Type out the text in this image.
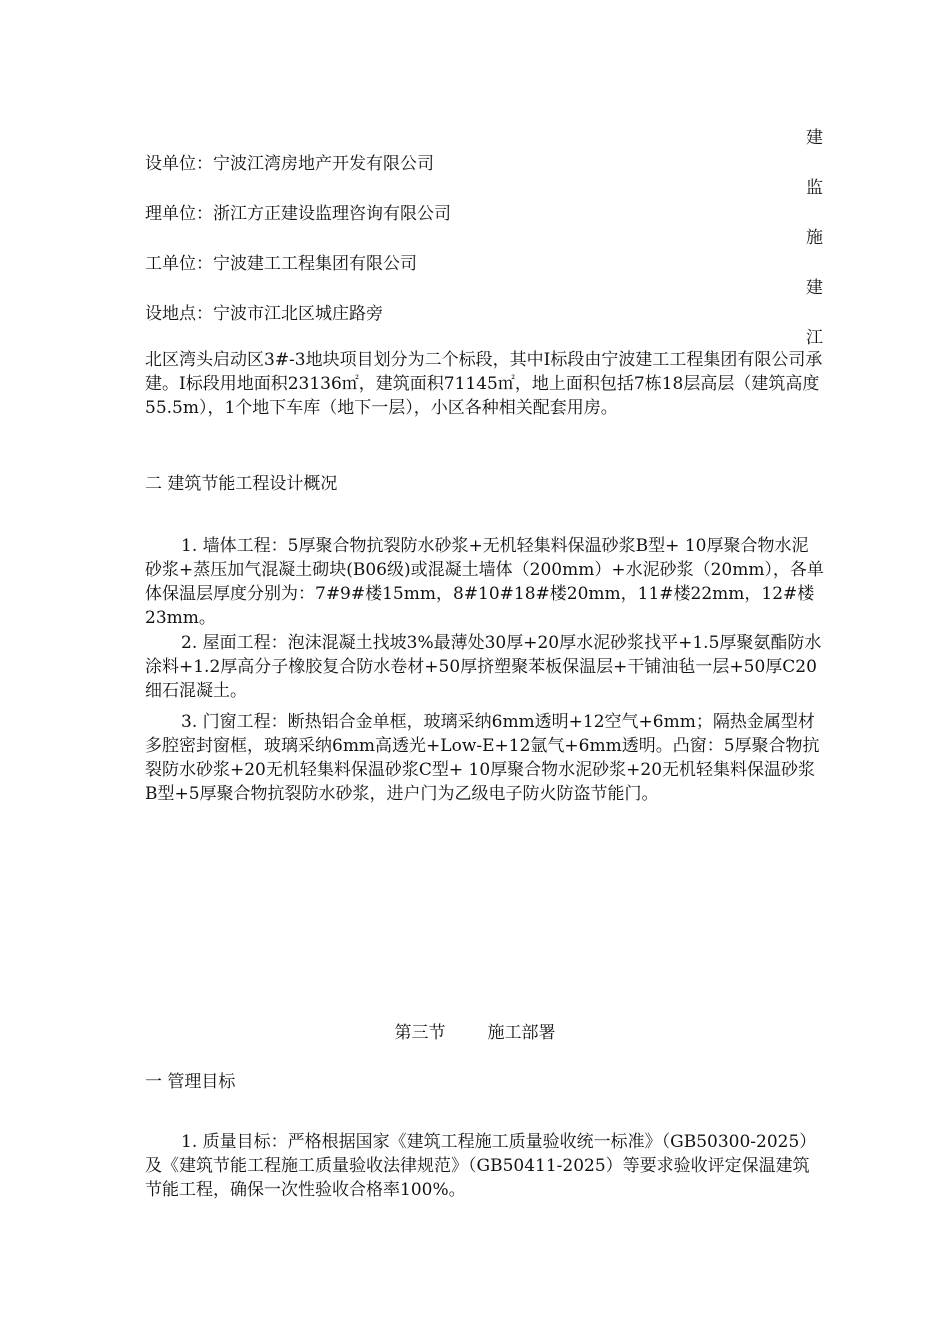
建
监
施
建
江
设单位：宁波江湾房地产开发有限公司
理单位：浙江方正建设监理咨询有限公司
工单位：宁波建工工程集团有限公司
设地点：宁波市江北区城庄路旁

北区湾头启动区3#-3地块项目划分为二个标段，其中Ⅰ标段由宁波建工工程集团有限公司承建。Ⅰ标段用地面积23136㎡，建筑面积71145㎡，地上面积包括7栋18层高层（建筑高度55.5m），1个地下车库（地下一层），小区各种相关配套用房。

二 建筑节能工程设计概况

1. 墙体工程：5厚聚合物抗裂防水砂浆+无机轻集料保温砂浆B型+ 10厚聚合物水泥砂浆+蒸压加气混凝土砌块(B06级)或混凝土墙体（200mm）+水泥砂浆（20mm），各单体保温层厚度分别为：7#9#楼15mm，8#10#18#楼20mm，11#楼22mm，12#楼23mm。

2. 屋面工程：泡沫混凝土找坡3%最薄处30厚+20厚水泥砂浆找平+1.5厚聚氨酯防水涂料+1.2厚高分子橡胶复合防水卷材+50厚挤塑聚苯板保温层+干铺油毡一层+50厚C20细石混凝土。

3. 门窗工程：断热铝合金单框，玻璃采纳6mm透明+12空气+6mm；隔热金属型材多腔密封窗框，玻璃采纳6mm高透光+Low-E+12氩气+6mm透明。凸窗：5厚聚合物抗裂防水砂浆+20无机轻集料保温砂浆C型+ 10厚聚合物水泥砂浆+20无机轻集料保温砂浆B型+5厚聚合物抗裂防水砂浆，进户门为乙级电子防火防盗节能门。

第三节 施工部署
一 管理目标

1. 质量目标：严格根据国家《建筑工程施工质量验收统一标准》（GB50300-2025）及《建筑节能工程施工质量验收法律规范》（GB50411-2025）等要求验收评定保温建筑节能工程，确保一次性验收合格率100%。
